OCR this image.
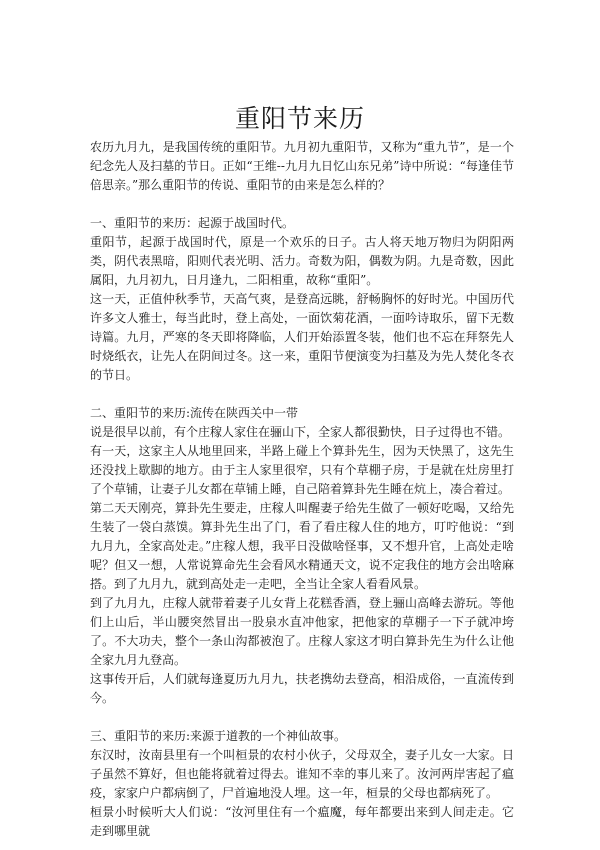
重阳节来历

农历九月九，是我国传统的重阳节。九月初九重阳节，又称为“重九节”，是一个纪念先人及扫墓的节日。正如“王维--九月九日忆山东兄弟”诗中所说：“每逢佳节倍思亲。”那么重阳节的传说、重阳节的由来是怎么样的？

一、重阳节的来历：起源于战国时代。

重阳节，起源于战国时代，原是一个欢乐的日子。古人将天地万物归为阴阳两类，阴代表黑暗，阳则代表光明、活力。奇数为阳，偶数为阴。九是奇数，因此属阳，九月初九，日月逢九，二阳相重，故称“重阳”。

这一天，正值仲秋季节，天高气爽，是登高远眺，舒畅胸怀的好时光。中国历代许多文人雅士，每当此时，登上高处，一面饮菊花酒，一面吟诗取乐，留下无数诗篇。九月，严寒的冬天即将降临，人们开始添置冬装，他们也不忘在拜祭先人时烧纸衣，让先人在阴间过冬。这一来，重阳节便演变为扫墓及为先人焚化冬衣的节日。

二、重阳节的来历:流传在陕西关中一带

说是很早以前，有个庄稼人家住在骊山下，全家人都很勤快，日子过得也不错。

有一天，这家主人从地里回来，半路上碰上个算卦先生，因为天快黑了，这先生还没找上歇脚的地方。由于主人家里很窄，只有个草棚子房，于是就在灶房里打了个草铺，让妻子儿女都在草铺上睡，自己陪着算卦先生睡在炕上，凑合着过。

第二天天刚亮，算卦先生要走，庄稼人叫醒妻子给先生做了一顿好吃喝，又给先生装了一袋白蒸馍。算卦先生出了门，看了看庄稼人住的地方，叮咛他说：“到九月九，全家高处走。”庄稼人想，我平日没做啥怪事，又不想升官，上高处走啥呢？但又一想，人常说算命先生会看风水精通天文，说不定我住的地方会出啥麻搭。到了九月九，就到高处走一走吧，全当让全家人看看风景。

到了九月九，庄稼人就带着妻子儿女背上花糕香酒，登上骊山高峰去游玩。等他们上山后，半山腰突然冒出一股泉水直冲他家，把他家的草棚子一下子就冲垮了。不大功夫，整个一条山沟都被泡了。庄稼人家这才明白算卦先生为什么让他全家九月九登高。

这事传开后，人们就每逢夏历九月九，扶老携幼去登高，相沿成俗，一直流传到今。

三、重阳节的来历:来源于道教的一个神仙故事。

东汉时，汝南县里有一个叫桓景的农村小伙子，父母双全，妻子儿女一大家。日子虽然不算好，但也能将就着过得去。谁知不幸的事儿来了。汝河两岸害起了瘟疫，家家户户都病倒了，尸首遍地没人埋。这一年，桓景的父母也都病死了。

桓景小时候听大人们说：“汝河里住有一个瘟魔，每年都要出来到人间走走。它走到哪里就
